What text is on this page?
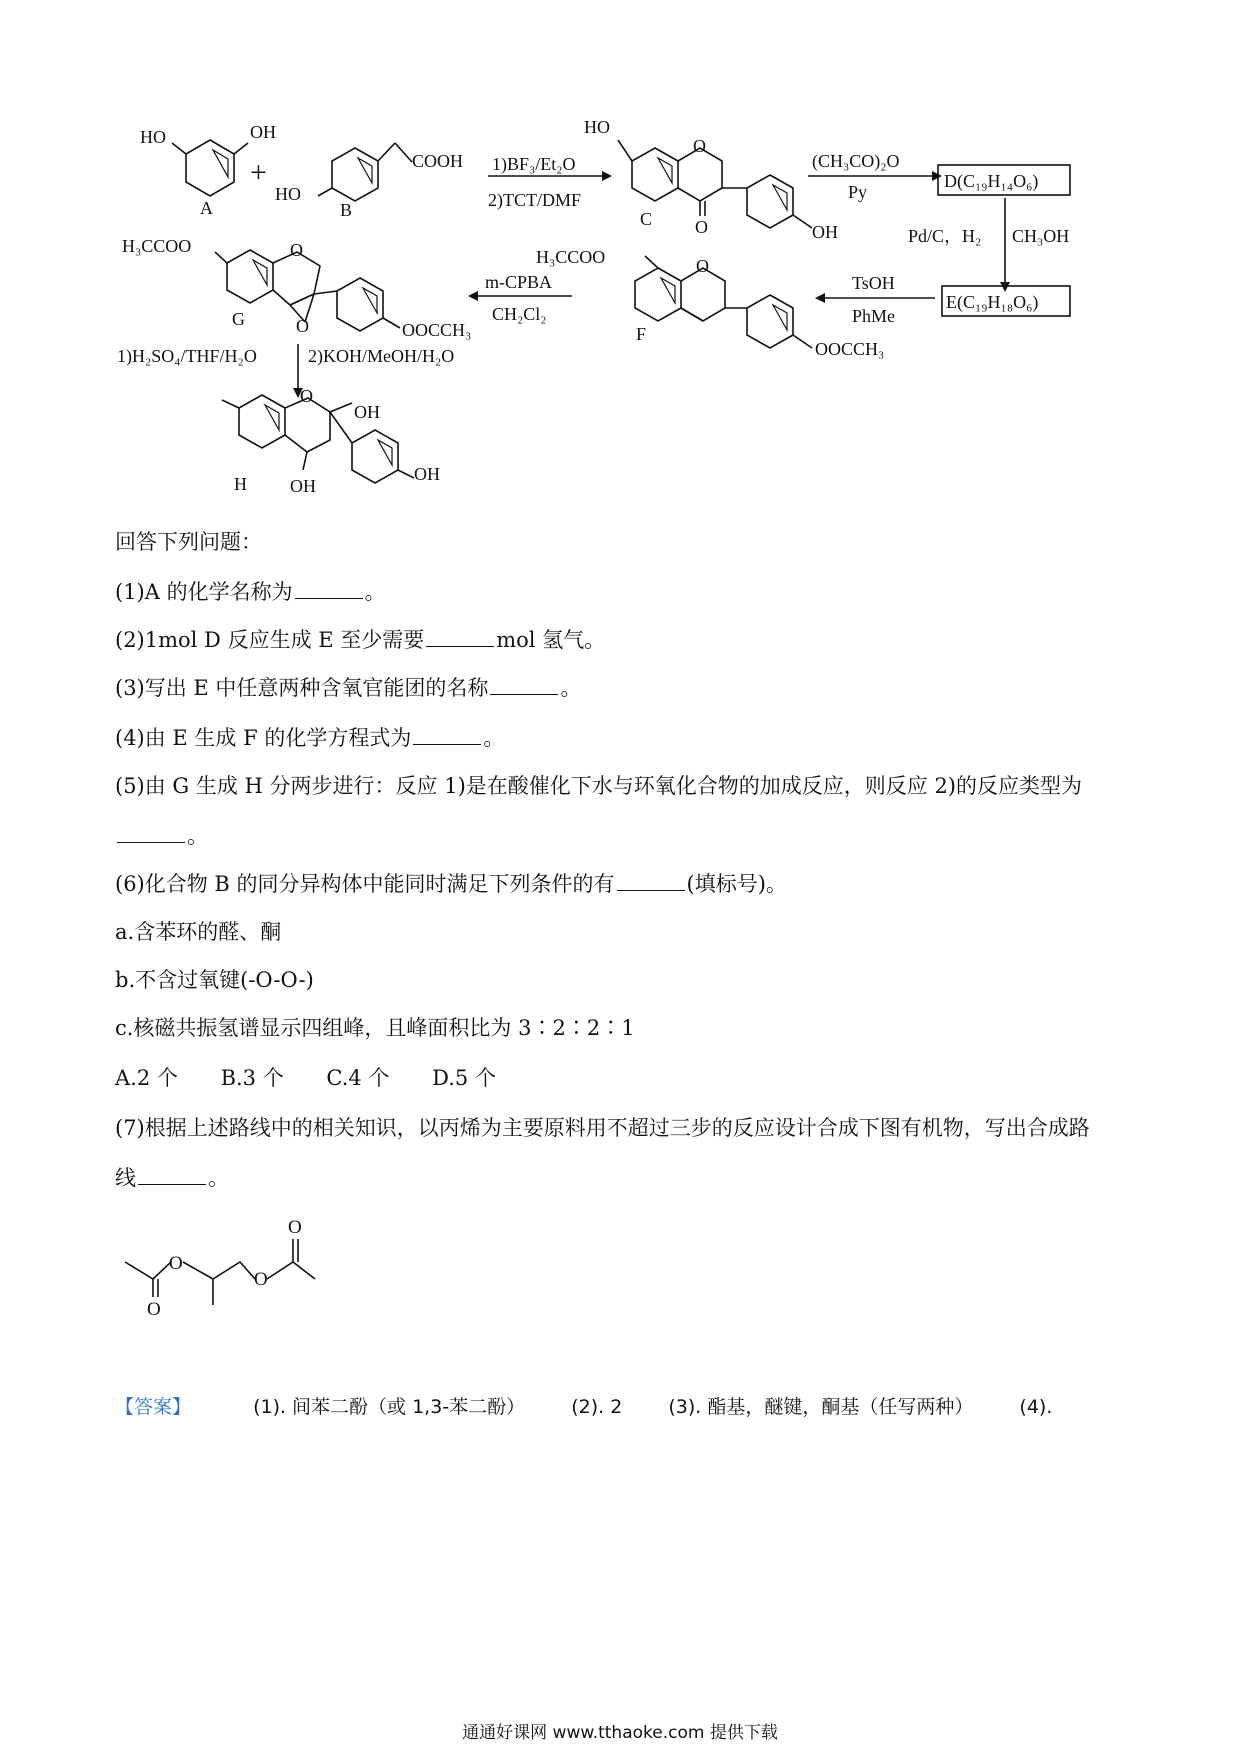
HO	OH
A
+
HO
COOH
B
1)BF₃/Et₂O
2)TCT/DMF
HO
O
O	OH
C
(CH₃CO)₂O
Py
D(C₁₉H₁₄O₆)
Pd/C，H₂ CH₃OH
E(C₁₉H₁₈O₆)
TsOH
PhMe
H₃CCOO	O
OOCCH₃
F
m-CPBA
CH₂Cl₂
H₃CCOO	O
O	OOCCH₃
G
1)H₂SO₄/THF/H₂O	2)KOH/MeOH/H₂O
O
OH
OH
OH
H
回答下列问题：
(1)A 的化学名称为	。
(2)1mol D 反应生成 E 至少需要	mol 氢气。
(3)写出 E 中任意两种含氧官能团的名称	。
(4)由 E 生成 F 的化学方程式为	。
(5)由 G 生成 H 分两步进行：反应 1)是在酸催化下水与环氧化合物的加成反应，则反应 2)的反应类型为
。
(6)化合物 B 的同分异构体中能同时满足下列条件的有	(填标号)。
a.含苯环的醛、酮
b.不含过氧键(-O-O-)
c.核磁共振氢谱显示四组峰，且峰面积比为 3∶2∶2∶1
A.2 个 B.3 个 C.4 个 D.5 个
(7)根据上述路线中的相关知识，以丙烯为主要原料用不超过三步的反应设计合成下图有机物，写出合成路
线	。
O
O
O
O
【答案】	(1). 间苯二酚（或 1,3-苯二酚） (2). 2 (3). 酯基，醚键，酮基（任写两种） (4).
通通好课网 www.tthaoke.com 提供下载
